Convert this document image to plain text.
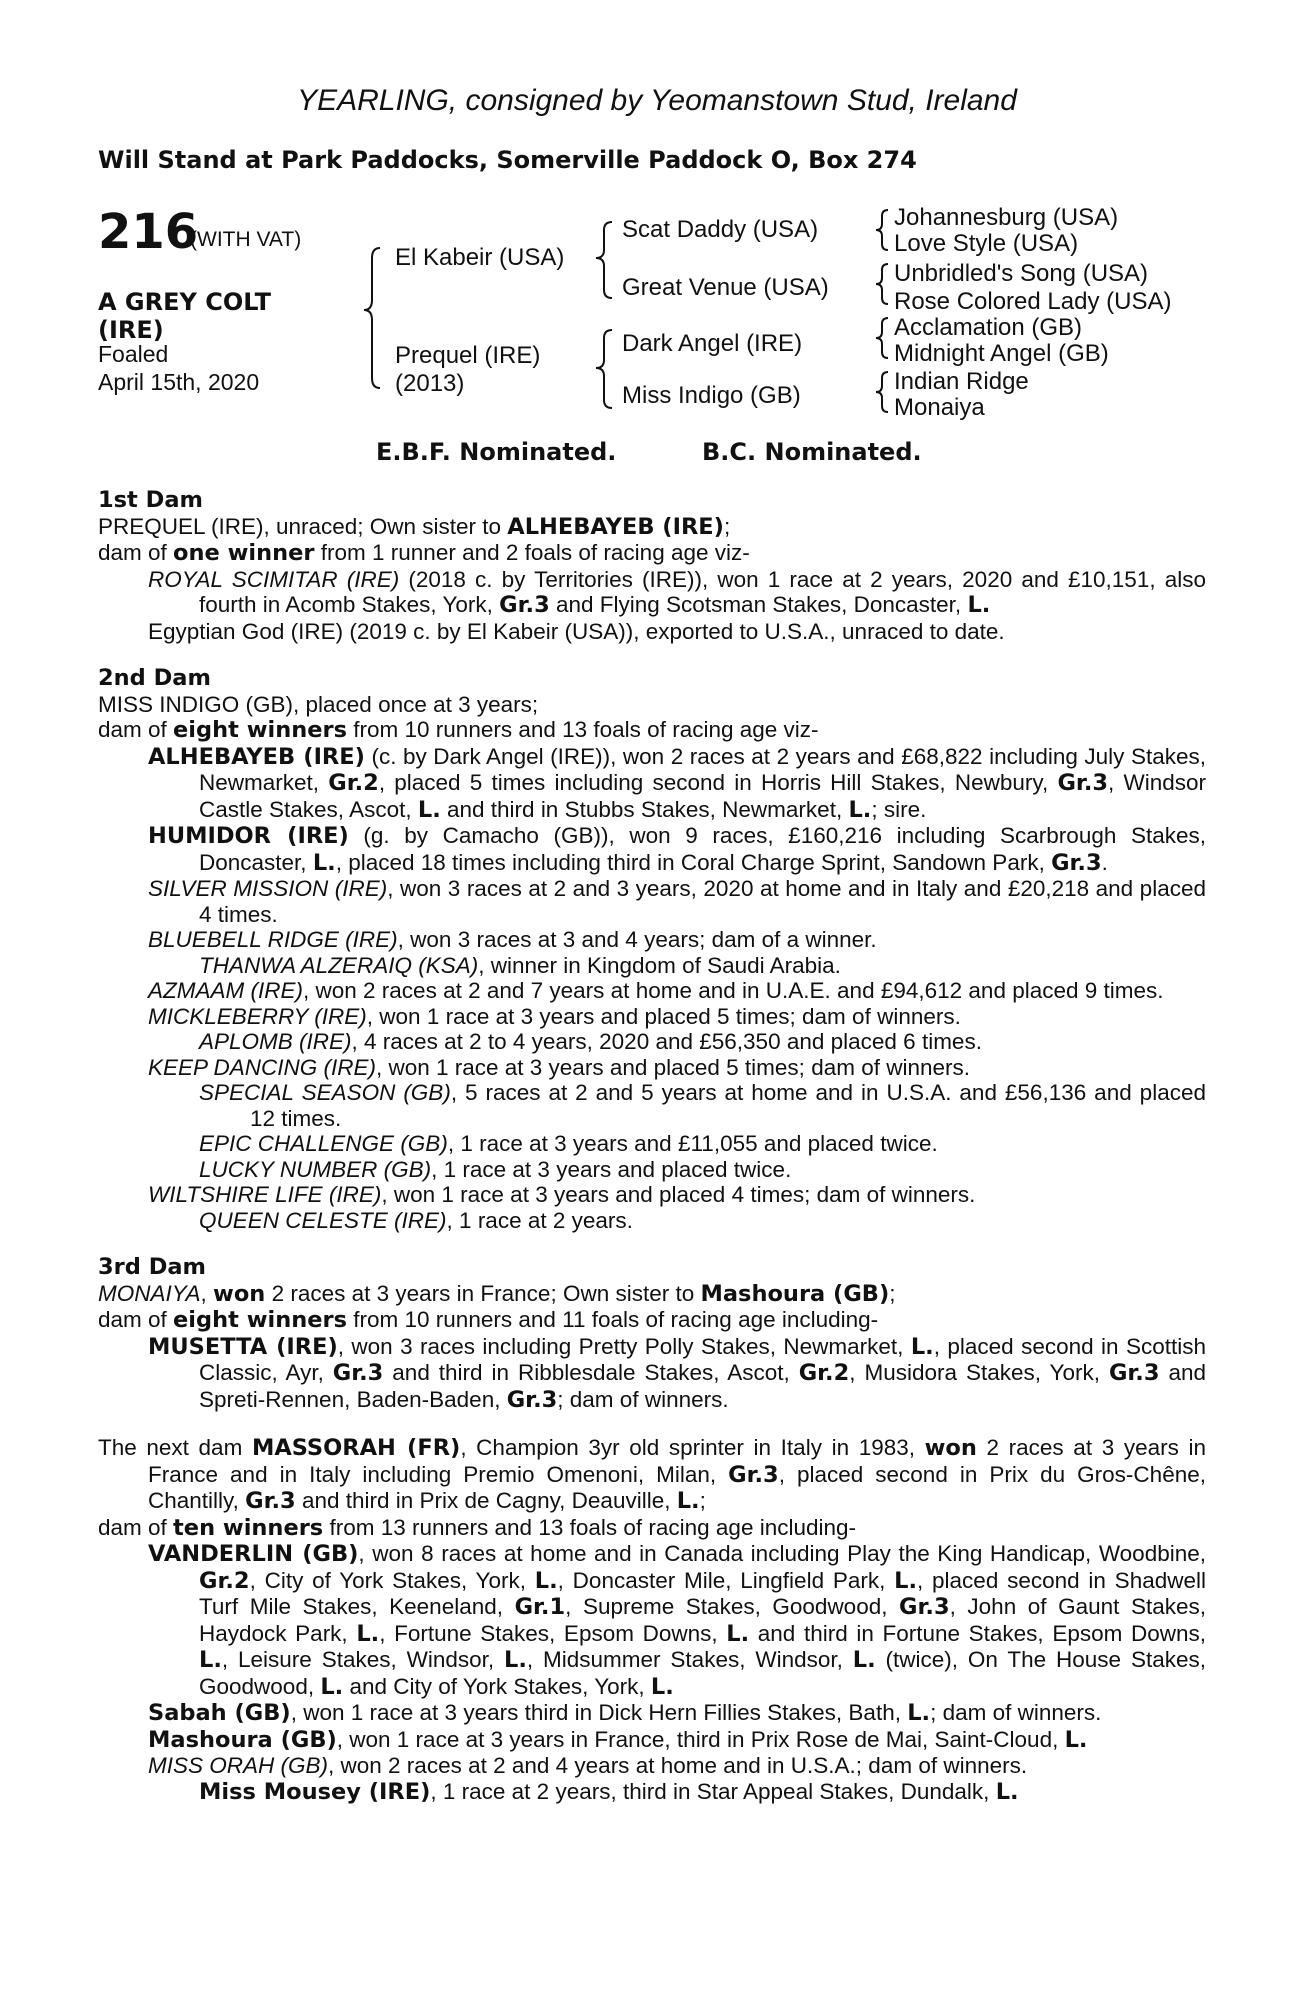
YEARLING, consigned by Yeomanstown Stud, Ireland
Will Stand at Park Paddocks, Somerville Paddock O, Box 274
216
(WITH VAT)
A GREY COLT
(IRE)
Foaled
April 15th, 2020
El Kabeir (USA)
Prequel (IRE)
(2013)
Scat Daddy (USA)
Great Venue (USA)
Dark Angel (IRE)
Miss Indigo (GB)
Johannesburg (USA)
Love Style (USA)
Unbridled's Song (USA)
Rose Colored Lady (USA)
Acclamation (GB)
Midnight Angel (GB)
Indian Ridge
Monaiya
E.B.F. Nominated.	B.C. Nominated.
1st Dam
PREQUEL (IRE), unraced; Own sister to ALHEBAYEB (IRE);
dam of one winner from 1 runner and 2 foals of racing age viz-
ROYAL SCIMITAR (IRE) (2018 c. by Territories (IRE)), won 1 race at 2 years, 2020 and £10,151, also fourth in Acomb Stakes, York, Gr.3 and Flying Scotsman Stakes, Doncaster, L.
Egyptian God (IRE) (2019 c. by El Kabeir (USA)), exported to U.S.A., unraced to date.
2nd Dam
MISS INDIGO (GB), placed once at 3 years;
dam of eight winners from 10 runners and 13 foals of racing age viz-
ALHEBAYEB (IRE) (c. by Dark Angel (IRE)), won 2 races at 2 years and £68,822 including July Stakes, Newmarket, Gr.2, placed 5 times including second in Horris Hill Stakes, Newbury, Gr.3, Windsor Castle Stakes, Ascot, L. and third in Stubbs Stakes, Newmarket, L.; sire.
HUMIDOR (IRE) (g. by Camacho (GB)), won 9 races, £160,216 including Scarbrough Stakes, Doncaster, L., placed 18 times including third in Coral Charge Sprint, Sandown Park, Gr.3.
SILVER MISSION (IRE), won 3 races at 2 and 3 years, 2020 at home and in Italy and £20,218 and placed 4 times.
BLUEBELL RIDGE (IRE), won 3 races at 3 and 4 years; dam of a winner.
THANWA ALZERAIQ (KSA), winner in Kingdom of Saudi Arabia.
AZMAAM (IRE), won 2 races at 2 and 7 years at home and in U.A.E. and £94,612 and placed 9 times.
MICKLEBERRY (IRE), won 1 race at 3 years and placed 5 times; dam of winners.
APLOMB (IRE), 4 races at 2 to 4 years, 2020 and £56,350 and placed 6 times.
KEEP DANCING (IRE), won 1 race at 3 years and placed 5 times; dam of winners.
SPECIAL SEASON (GB), 5 races at 2 and 5 years at home and in U.S.A. and £56,136 and placed 12 times.
EPIC CHALLENGE (GB), 1 race at 3 years and £11,055 and placed twice.
LUCKY NUMBER (GB), 1 race at 3 years and placed twice.
WILTSHIRE LIFE (IRE), won 1 race at 3 years and placed 4 times; dam of winners.
QUEEN CELESTE (IRE), 1 race at 2 years.
3rd Dam
MONAIYA, won 2 races at 3 years in France; Own sister to Mashoura (GB);
dam of eight winners from 10 runners and 11 foals of racing age including-
MUSETTA (IRE), won 3 races including Pretty Polly Stakes, Newmarket, L., placed second in Scottish Classic, Ayr, Gr.3 and third in Ribblesdale Stakes, Ascot, Gr.2, Musidora Stakes, York, Gr.3 and Spreti-Rennen, Baden-Baden, Gr.3; dam of winners.
The next dam MASSORAH (FR), Champion 3yr old sprinter in Italy in 1983, won 2 races at 3 years in France and in Italy including Premio Omenoni, Milan, Gr.3, placed second in Prix du Gros-Chêne, Chantilly, Gr.3 and third in Prix de Cagny, Deauville, L.;
dam of ten winners from 13 runners and 13 foals of racing age including-
VANDERLIN (GB), won 8 races at home and in Canada including Play the King Handicap, Woodbine, Gr.2, City of York Stakes, York, L., Doncaster Mile, Lingfield Park, L., placed second in Shadwell Turf Mile Stakes, Keeneland, Gr.1, Supreme Stakes, Goodwood, Gr.3, John of Gaunt Stakes, Haydock Park, L., Fortune Stakes, Epsom Downs, L. and third in Fortune Stakes, Epsom Downs, L., Leisure Stakes, Windsor, L., Midsummer Stakes, Windsor, L. (twice), On The House Stakes, Goodwood, L. and City of York Stakes, York, L.
Sabah (GB), won 1 race at 3 years third in Dick Hern Fillies Stakes, Bath, L.; dam of winners.
Mashoura (GB), won 1 race at 3 years in France, third in Prix Rose de Mai, Saint-Cloud, L.
MISS ORAH (GB), won 2 races at 2 and 4 years at home and in U.S.A.; dam of winners.
Miss Mousey (IRE), 1 race at 2 years, third in Star Appeal Stakes, Dundalk, L.
